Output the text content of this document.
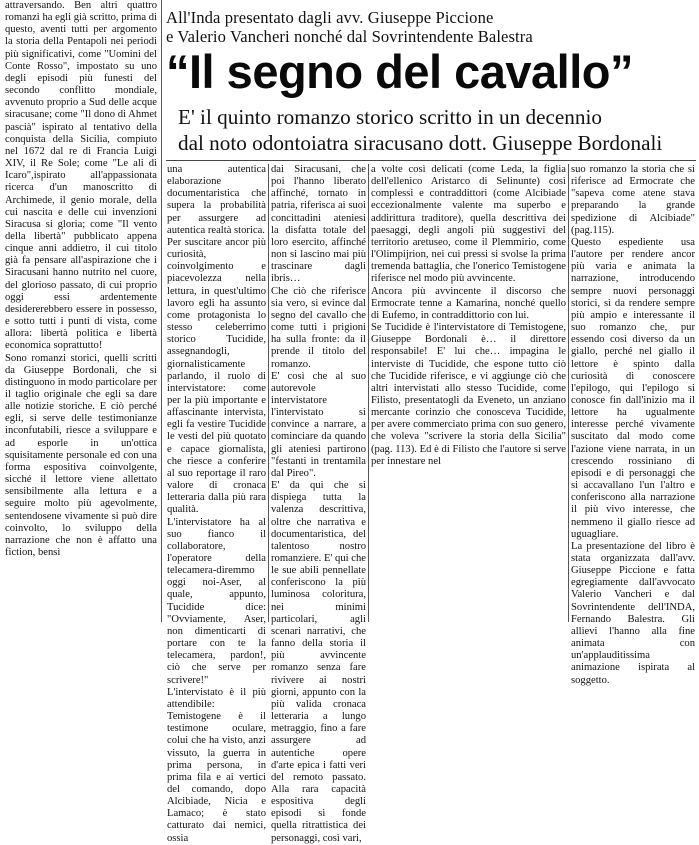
attraversando. Ben altri quattro romanzi ha egli già scritto, prima di questo, aventi tutti per argomento la storia della Pentapoli nei periodi più significativi, come "Uomini del Conte Rosso", impostato su uno degli episodi più funesti del secondo conflitto mondiale, avvenuto proprio a Sud delle acque siracusane; come "Il dono di Ahmet pascià" ispirato al tentativo della conquista della Sicilia, compiuto nel 1672 dal re di Francia Luigi XIV, il Re Sole; come "Le ali di Icaro",ispirato all'appassionata ricerca d'un manoscritto di Archimede, il genio morale, della cui nascita e delle cui invenzioni Siracusa si gloria; come "Il vento della libertà" pubblicato appena cinque anni addietro, il cui titolo già fa pensare all'aspirazione che i Siracusani hanno nutrito nel cuore, del glorioso passato, di cui proprio oggi essi ardentemente desidererebbero essere in possesso, e sotto tutti i punti di vista, come allora: libertà politica e libertà economica soprattutto!

Sono romanzi storici, quelli scritti da Giuseppe Bordonali, che si distinguono in modo particolare per il taglio originale che egli sa dare alle notizie storiche. E ciò perché egli, si serve delle testimonianze inconfutabili, riesce a sviluppare e ad esporle in un'ottica squisitamente personale ed con una forma espositiva coinvolgente, sicché il lettore viene allettato sensibilmente alla lettura e a seguire molto più agevolmente, sentendosene vivamente si può dire coinvolto, lo sviluppo della narrazione che non è affatto una fiction, bensì

All'Inda presentato dagli avv. Giuseppe Piccione
e Valerio Vancheri nonché dal Sovrintendente Balestra
“Il segno del cavallo”
E' il quinto romanzo storico scritto in un decennio
dal noto odontoiatra siracusano dott. Giuseppe Bordonali

una autentica elaborazione documentaristica che supera la probabilità per assurgere ad autentica realtà storica.

Per suscitare ancor più curiosità, coinvolgimento e piacevolezza nella lettura, in quest'ultimo lavoro egli ha assunto come protagonista lo stesso celeberrimo storico Tucidide, assegnandogli, giornalisticamente parlando, il ruolo di intervistatore: come per la più importante e affascinante intervista, egli fa vestire Tucidide le vesti del più quotato e capace giornalista, che riesce a conferire al suo reportage il raro valore di cronaca letteraria dalla più rara qualità.

L'intervistatore ha al suo fianco il collaboratore, l'operatore della telecamera-diremmo oggi noi-Aser, al quale, appunto, Tucidide dice: "Ovviamente, Aser, non dimenticarti di portare con te la telecamera, pardon!, ciò che serve per scrivere!"

L'intervistato è il più attendibile: Temistogene è il testimone oculare, colui che ha visto, anzi vissuto, la guerra in prima persona, in prima fila e ai vertici del comando, dopo Alcibiade, Nicia e Lamaco; è stato catturato dai nemici, ossia

dai Siracusani, che poi l'hanno liberato affinché, tornato in patria, riferisca ai suoi concittadini ateniesi la disfatta totale del loro esercito, affinché non si lascino mai più trascinare dagli ibris…

Che ciò che riferisce sia vero, si evince dal segno del cavallo che come tutti i prigioni ha sulla fronte: da il prende il titolo del romanzo.

E' così che al suo autorevole intervistatore l'intervistato si convince a narrare, a cominciare da quando gli ateniesi partirono "festanti in trentamila dal Pireo".

E' da qui che si dispiega tutta la valenza descrittiva, oltre che narrativa e documentaristica, del talentoso nostro romanziere. E' qui che le sue abili pennellate conferiscono la più luminosa coloritura, nei minimi particolari, agli scenari narrativi, che fanno della storia il più avvincente romanzo senza fare rivivere ai nostri giorni, appunto con la più valida cronaca letteraria a lungo metraggio, fino a fare assurgere ad autentiche opere d'arte epica i fatti veri del remoto passato. Alla rara capacità espositiva degli episodi si fonde quella ritrattistica dei personaggi, così vari,

a volte così delicati (come Leda, la figlia dell'ellenico Aristarco di Selinunte) così complessi e contraddittori (come Alcibiade eccezionalmente valente ma superbo e addirittura traditore), quella descrittiva dei paesaggi, degli angoli più suggestivi del territorio aretuseo, come il Plemmirio, come l'Olimpijrion, nei cui pressi si svolse la prima tremenda battaglia, che l'onerico Temistogene riferisce nel modo più avvincente.

Ancora più avvincente il discorso che Ermocrate tenne a Kamarina, nonché quello di Eufemo, in contraddittorio con lui.

Se Tucidide è l'intervistatore di Temistogene, Giuseppe Bordonali è… il direttore responsabile! E' lui che… impagina le interviste di Tucidide, che espone tutto ciò che Tucidide riferisce, e vi aggiunge ciò che altri intervistati allo stesso Tucidide, come Filisto, presentatogli da Eveneto, un anziano mercante corinzio che conosceva Tucidide, per avere commerciato prima con suo genero, che voleva "scrivere la storia della Sicilia" (pag. 113). Ed è di Filisto che l'autore si serve per innestare nel

suo romanzo la storia che si riferisce ad Ermocrate che "sapeva come atene stava preparando la grande spedizione di Alcibiade" (pag.115).

Questo espediente usa l'autore per rendere ancor più varia e animata la narrazione, introducendo sempre nuovi personaggi storici, sì da rendere sempre più ampio e interessante il suo romanzo che, pur essendo così diverso da un giallo, perché nel giallo il lettore è spinto dalla curiosità di conoscere l'epilogo, qui l'epilogo si conosce fin dall'inizio ma il lettore ha ugualmente interesse perché vivamente suscitato dal modo come l'azione viene narrata, in un crescendo rossiniano di episodi e di personaggi che si accavallano l'un l'altro e conferiscono alla narrazione il più vivo interesse, che nemmeno il giallo riesce ad uguagliare.

La presentazione del libro è stata organizzata dall'avv. Giuseppe Piccione e fatta egregiamente dall'avvocato Valerio Vancheri e dal Sovrintendente dell'INDA, Fernando Balestra. Gli allievi l'hanno alla fine animata con un'applauditissima animazione ispirata al soggetto.
